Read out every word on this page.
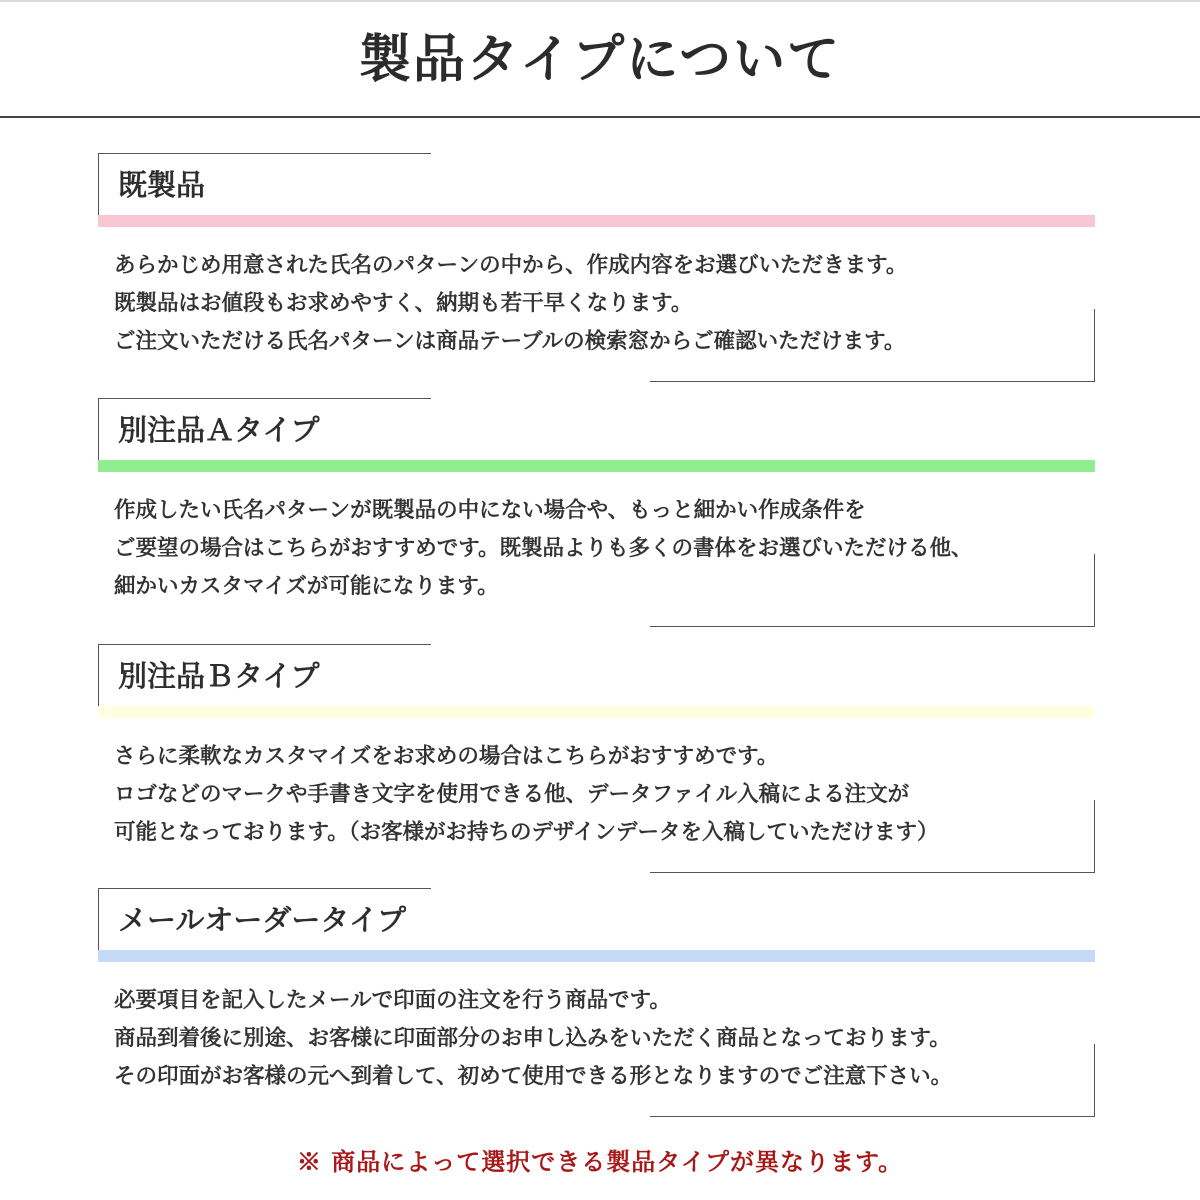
製品タイプについて
既製品
あらかじめ用意された氏名のパターンの中から、作成内容をお選びいただきます。
既製品はお値段もお求めやすく、納期も若干早くなります。
ご注文いただける氏名パターンは商品テーブルの検索窓からご確認いただけます。
別注品Ａタイプ
作成したい氏名パターンが既製品の中にない場合や、もっと細かい作成条件を
ご要望の場合はこちらがおすすめです。既製品よりも多くの書体をお選びいただける他、
細かいカスタマイズが可能になります。
別注品Ｂタイプ
さらに柔軟なカスタマイズをお求めの場合はこちらがおすすめです。
ロゴなどのマークや手書き文字を使用できる他、データファイル入稿による注文が
可能となっております。（お客様がお持ちのデザインデータを入稿していただけます）
メールオーダータイプ
必要項目を記入したメールで印面の注文を行う商品です。
商品到着後に別途、お客様に印面部分のお申し込みをいただく商品となっております。
その印面がお客様の元へ到着して、初めて使用できる形となりますのでご注意下さい。
※ 商品によって選択できる製品タイプが異なります。
